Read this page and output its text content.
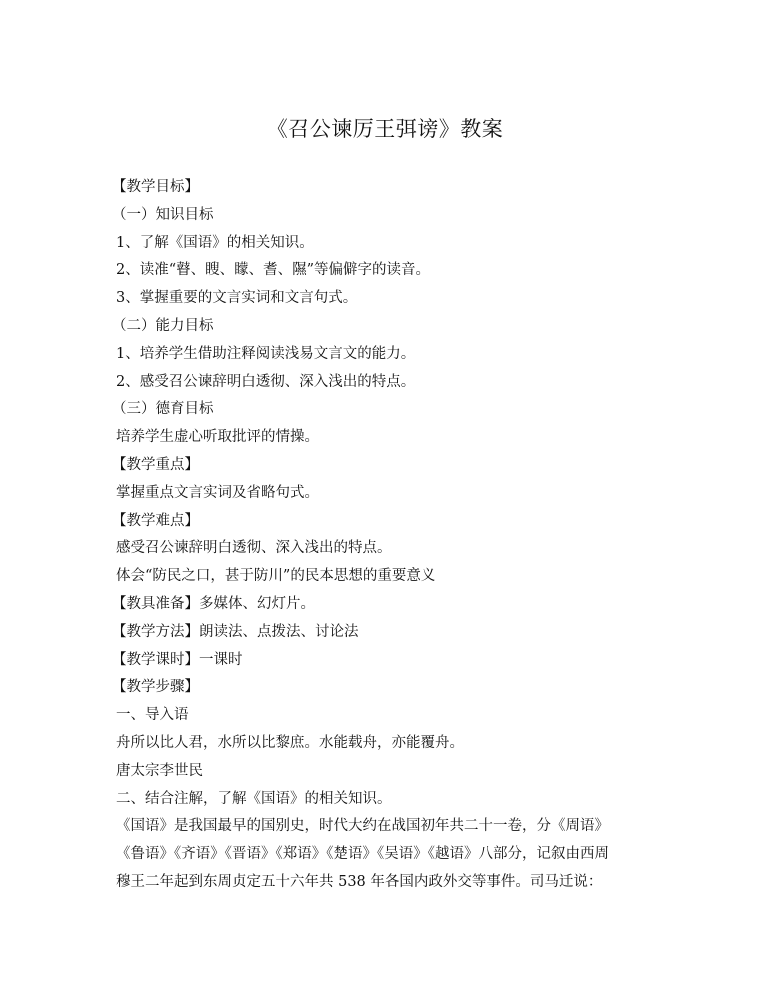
《召公谏厉王弭谤》教案
【教学目标】
（一）知识目标
1、了解《国语》的相关知识。
2、读准“瞽、瞍、矇、耆、隰”等偏僻字的读音。
3、掌握重要的文言实词和文言句式。
（二）能力目标
1、培养学生借助注释阅读浅易文言文的能力。
2、感受召公谏辞明白透彻、深入浅出的特点。
（三）德育目标
培养学生虚心听取批评的情操。
【教学重点】
掌握重点文言实词及省略句式。
【教学难点】
感受召公谏辞明白透彻、深入浅出的特点。
体会“防民之口，甚于防川”的民本思想的重要意义
【教具准备】多媒体、幻灯片。
【教学方法】朗读法、点拨法、讨论法
【教学课时】一课时
【教学步骤】
一、导入语
舟所以比人君，水所以比黎庶。水能载舟，亦能覆舟。
唐太宗李世民
二、结合注解，了解《国语》的相关知识。
《国语》是我国最早的国别史，时代大约在战国初年共二十一卷，分《周语》
《鲁语》《齐语》《晋语》《郑语》《楚语》《吴语》《越语》八部分，记叙由西周
穆王二年起到东周贞定五十六年共 538 年各国内政外交等事件。司马迁说：
